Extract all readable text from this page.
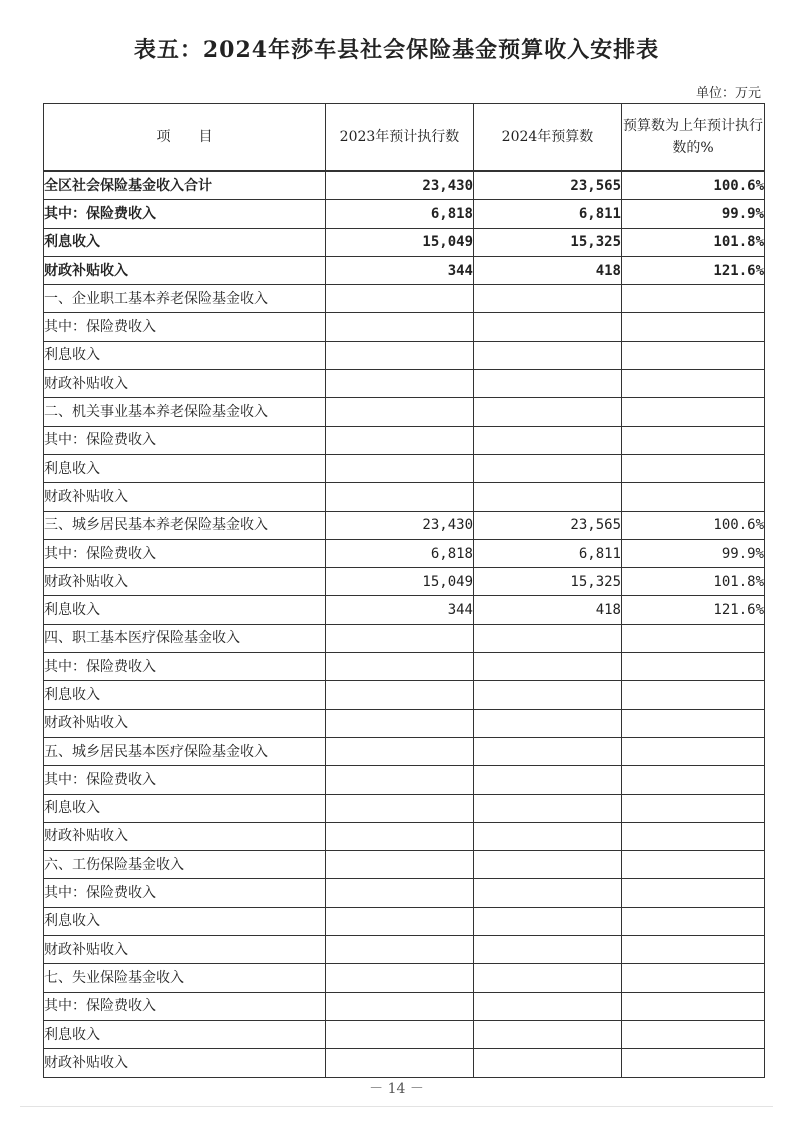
表五：2024年莎车县社会保险基金预算收入安排表
单位：万元
项　　目	2023年预计执行数	2024年预算数	预算数为上年预计执行数的%
全区社会保险基金收入合计	23,430	23,565	100.6%
其中：保险费收入	6,818	6,811	99.9%
利息收入	15,049	15,325	101.8%
财政补贴收入	344	418	121.6%
一、企业职工基本养老保险基金收入			
其中：保险费收入			
利息收入			
财政补贴收入			
二、机关事业基本养老保险基金收入			
其中：保险费收入			
利息收入			
财政补贴收入			
三、城乡居民基本养老保险基金收入	23,430	23,565	100.6%
其中：保险费收入	6,818	6,811	99.9%
财政补贴收入	15,049	15,325	101.8%
利息收入	344	418	121.6%
四、职工基本医疗保险基金收入			
其中：保险费收入			
利息收入			
财政补贴收入			
五、城乡居民基本医疗保险基金收入			
其中：保险费收入			
利息收入			
财政补贴收入			
六、工伤保险基金收入			
其中：保险费收入			
利息收入			
财政补贴收入			
七、失业保险基金收入			
其中：保险费收入			
利息收入			
财政补贴收入			
－ 14 －
